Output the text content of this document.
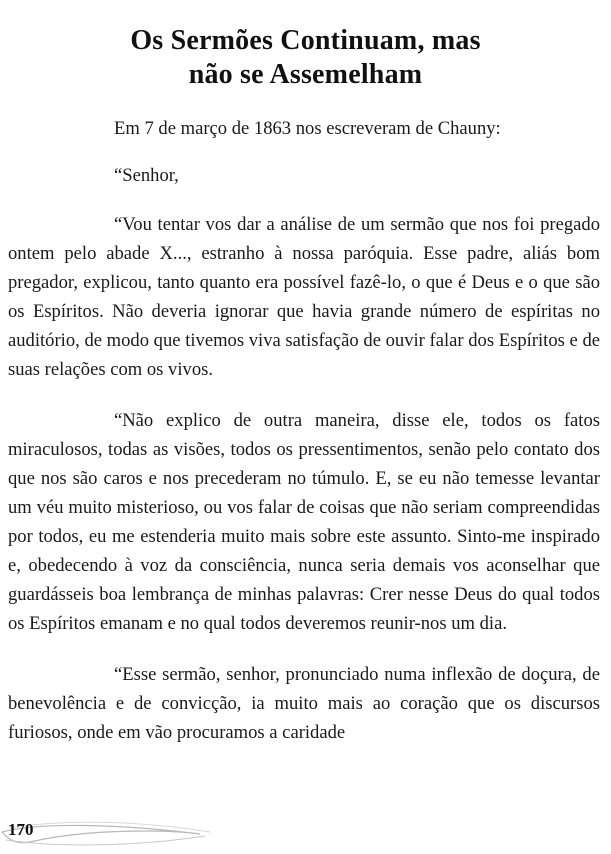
Os Sermões Continuam, mas
não se Assemelham

Em 7 de março de 1863 nos escreveram de Chauny:

“Senhor,

“Vou tentar vos dar a análise de um sermão que nos foi pregado ontem pelo abade X..., estranho à nossa paróquia. Esse padre, aliás bom pregador, explicou, tanto quanto era possível fazê-lo, o que é Deus e o que são os Espíritos. Não deveria ignorar que havia grande número de espíritas no auditório, de modo que tivemos viva satisfação de ouvir falar dos Espíritos e de suas relações com os vivos.

“Não explico de outra maneira, disse ele, todos os fatos miraculosos, todas as visões, todos os pressentimentos, senão pelo contato dos que nos são caros e nos precederam no túmulo. E, se eu não temesse levantar um véu muito misterioso, ou vos falar de coisas que não seriam compreendidas por todos, eu me estenderia muito mais sobre este assunto. Sinto-me inspirado e, obedecendo à voz da consciência, nunca seria demais vos aconselhar que guardásseis boa lembrança de minhas palavras: Crer nesse Deus do qual todos os Espíritos emanam e no qual todos deveremos reunir-nos um dia.

“Esse sermão, senhor, pronunciado numa inflexão de doçura, de benevolência e de convicção, ia muito mais ao coração que os discursos furiosos, onde em vão procuramos a caridade

170
